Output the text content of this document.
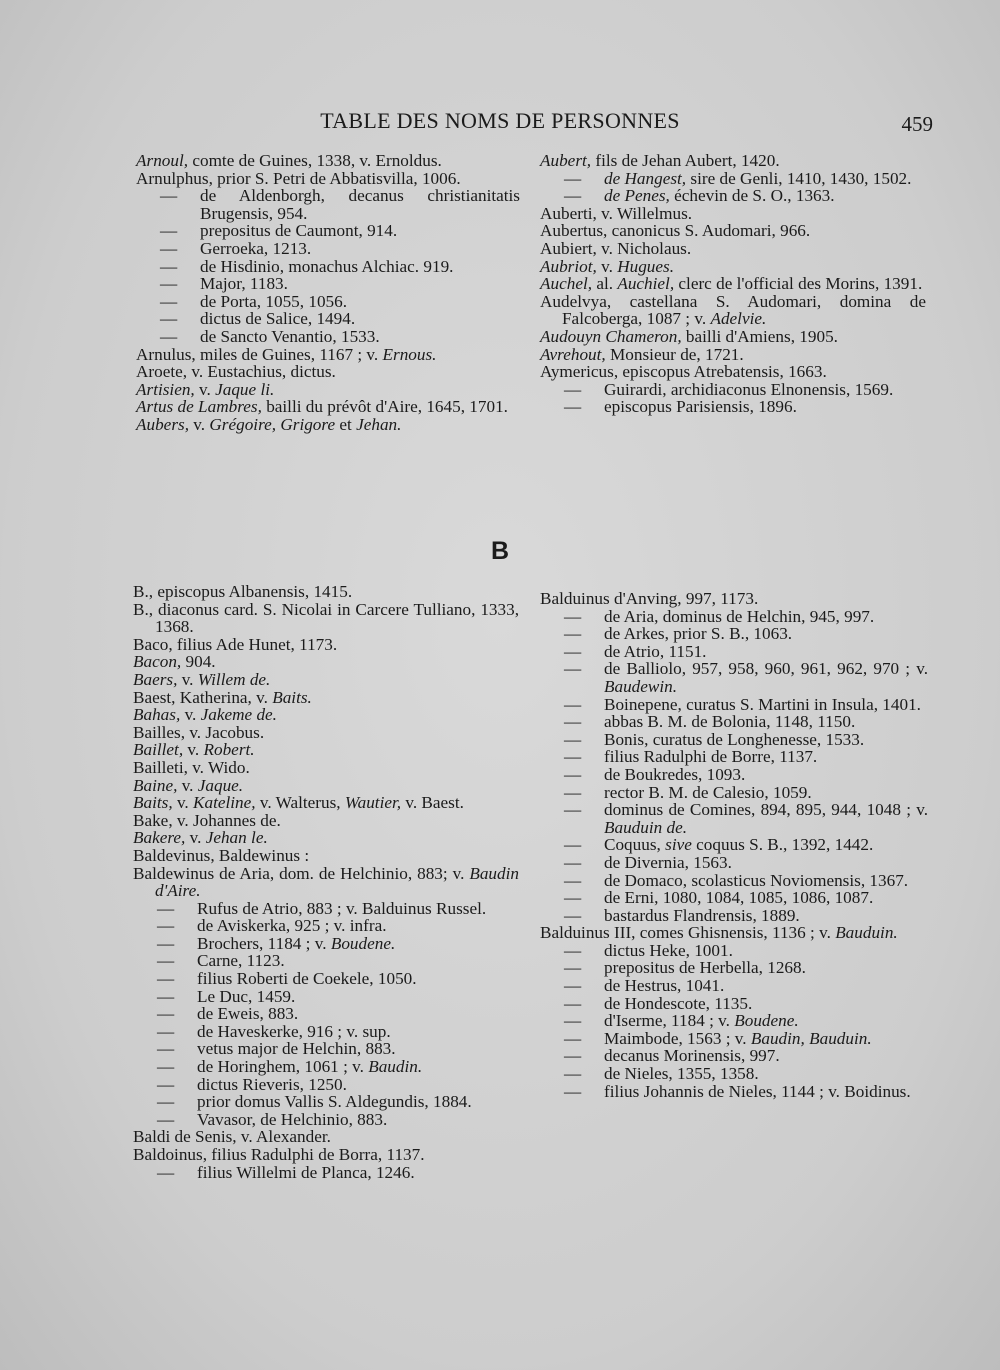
TABLE DES NOMS DE PERSONNES	459

Arnoul, comte de Guines, 1338, v. Ernoldus.

Arnulphus, prior S. Petri de Abbatisvilla, 1006.

— de Aldenborgh, decanus christianitatis Brugensis, 954.

— prepositus de Caumont, 914.

— Gerroeka, 1213.

— de Hisdinio, monachus Alchiac. 919.

— Major, 1183.

— de Porta, 1055, 1056.

— dictus de Salice, 1494.

— de Sancto Venantio, 1533.

Arnulus, miles de Guines, 1167 ; v. Ernous.

Aroete, v. Eustachius, dictus.

Artisien, v. Jaque li.

Artus de Lambres, bailli du prévôt d'Aire, 1645, 1701.

Aubers, v. Grégoire, Grigore et Jehan.

Aubert, fils de Jehan Aubert, 1420.

— de Hangest, sire de Genli, 1410, 1430, 1502.

— de Penes, échevin de S. O., 1363.

Auberti, v. Willelmus.

Aubertus, canonicus S. Audomari, 966.

Aubiert, v. Nicholaus.

Aubriot, v. Hugues.

Auchel, al. Auchiel, clerc de l'official des Morins, 1391.

Audelvya, castellana S. Audomari, domina de Falcoberga, 1087 ; v. Adelvie.

Audouyn Chameron, bailli d'Amiens, 1905.

Avrehout, Monsieur de, 1721.

Aymericus, episcopus Atrebatensis, 1663.

— Guirardi, archidiaconus Elnonensis, 1569.

— episcopus Parisiensis, 1896.

B

B., episcopus Albanensis, 1415.

B., diaconus card. S. Nicolai in Carcere Tulliano, 1333, 1368.

Baco, filius Ade Hunet, 1173.

Bacon, 904.

Baers, v. Willem de.

Baest, Katherina, v. Baits.

Bahas, v. Jakeme de.

Bailles, v. Jacobus.

Baillet, v. Robert.

Bailleti, v. Wido.

Baine, v. Jaque.

Baits, v. Kateline, v. Walterus, Wautier, v. Baest.

Bake, v. Johannes de.

Bakere, v. Jehan le.

Baldevinus, Baldewinus :

Baldewinus de Aria, dom. de Helchinio, 883; v. Baudin d'Aire.

— Rufus de Atrio, 883 ; v. Balduinus Russel.

— de Aviskerka, 925 ; v. infra.

— Brochers, 1184 ; v. Boudene.

— Carne, 1123.

— filius Roberti de Coekele, 1050.

— Le Duc, 1459.

— de Eweis, 883.

— de Haveskerke, 916 ; v. sup.

— vetus major de Helchin, 883.

— de Horinghem, 1061 ; v. Baudin.

— dictus Rieveris, 1250.

— prior domus Vallis S. Aldegundis, 1884.

— Vavasor, de Helchinio, 883.

Baldi de Senis, v. Alexander.

Baldoinus, filius Radulphi de Borra, 1137.

— filius Willelmi de Planca, 1246.

Balduinus d'Anving, 997, 1173.

— de Aria, dominus de Helchin, 945, 997.

— de Arkes, prior S. B., 1063.

— de Atrio, 1151.

— de Balliolo, 957, 958, 960, 961, 962, 970 ; v. Baudewin.

— Boinepene, curatus S. Martini in Insula, 1401.

— abbas B. M. de Bolonia, 1148, 1150.

— Bonis, curatus de Longhenesse, 1533.

— filius Radulphi de Borre, 1137.

— de Boukredes, 1093.

— rector B. M. de Calesio, 1059.

— dominus de Comines, 894, 895, 944, 1048 ; v. Bauduin de.

— Coquus, sive coquus S. B., 1392, 1442.

— de Divernia, 1563.

— de Domaco, scolasticus Noviomensis, 1367.

— de Erni, 1080, 1084, 1085, 1086, 1087.

— bastardus Flandrensis, 1889.

Balduinus III, comes Ghisnensis, 1136 ; v. Bauduin.

— dictus Heke, 1001.

— prepositus de Herbella, 1268.

— de Hestrus, 1041.

— de Hondescote, 1135.

— d'Iserme, 1184 ; v. Boudene.

— Maimbode, 1563 ; v. Baudin, Bauduin.

— decanus Morinensis, 997.

— de Nieles, 1355, 1358.

— filius Johannis de Nieles, 1144 ; v. Boidinus.
